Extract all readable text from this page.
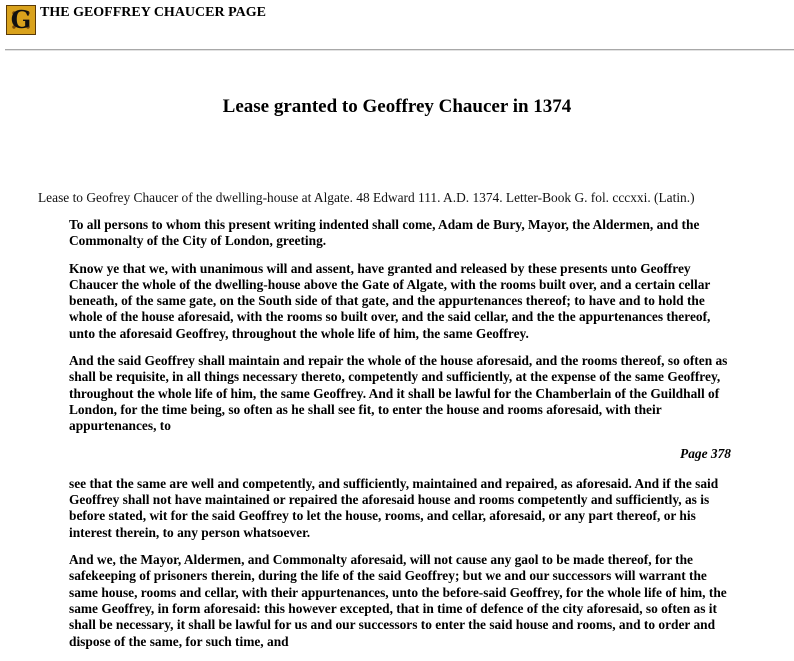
G THE GEOFFREY CHAUCER PAGE
Lease granted to Geoffrey Chaucer in 1374
Lease to Geofrey Chaucer of the dwelling-house at Algate. 48 Edward 111. A.D. 1374. Letter-Book G. fol. cccxxi. (Latin.)

To all persons to whom this present writing indented shall come, Adam de Bury, Mayor, the Aldermen, and the Commonalty of the City of London, greeting.

Know ye that we, with unanimous will and assent, have granted and released by these presents unto Geoffrey Chaucer the whole of the dwelling-house above the Gate of Algate, with the rooms built over, and a certain cellar beneath, of the same gate, on the South side of that gate, and the appurtenances thereof; to have and to hold the whole of the house aforesaid, with the rooms so built over, and the said cellar, and the the appurtenances thereof, unto the aforesaid Geoffrey, throughout the whole life of him, the same Geoffrey.

And the said Geoffrey shall maintain and repair the whole of the house aforesaid, and the rooms thereof, so often as shall be requisite, in all things necessary thereto, competently and sufficiently, at the expense of the same Geoffrey, throughout the whole life of him, the same Geoffrey. And it shall be lawful for the Chamberlain of the Guildhall of London, for the time being, so often as he shall see fit, to enter the house and rooms aforesaid, with their appurtenances, to

Page 378

see that the same are well and competently, and sufficiently, maintained and repaired, as aforesaid. And if the said Geoffrey shall not have maintained or repaired the aforesaid house and rooms competently and sufficiently, as is before stated, wit for the said Geoffrey to let the house, rooms, and cellar, aforesaid, or any part thereof, or his interest therein, to any person whatsoever.

And we, the Mayor, Aldermen, and Commonalty aforesaid, will not cause any gaol to be made thereof, for the safekeeping of prisoners therein, during the life of the said Geoffrey; but we and our successors will warrant the same house, rooms and cellar, with their appurtenances, unto the before-said Geoffrey, for the whole life of him, the same Geoffrey, in form aforesaid: this however excepted, that in time of defence of the city aforesaid, so often as it shall be necessary, it shall be lawful for us and our successors to enter the said house and rooms, and to order and dispose of the same, for such time, and
